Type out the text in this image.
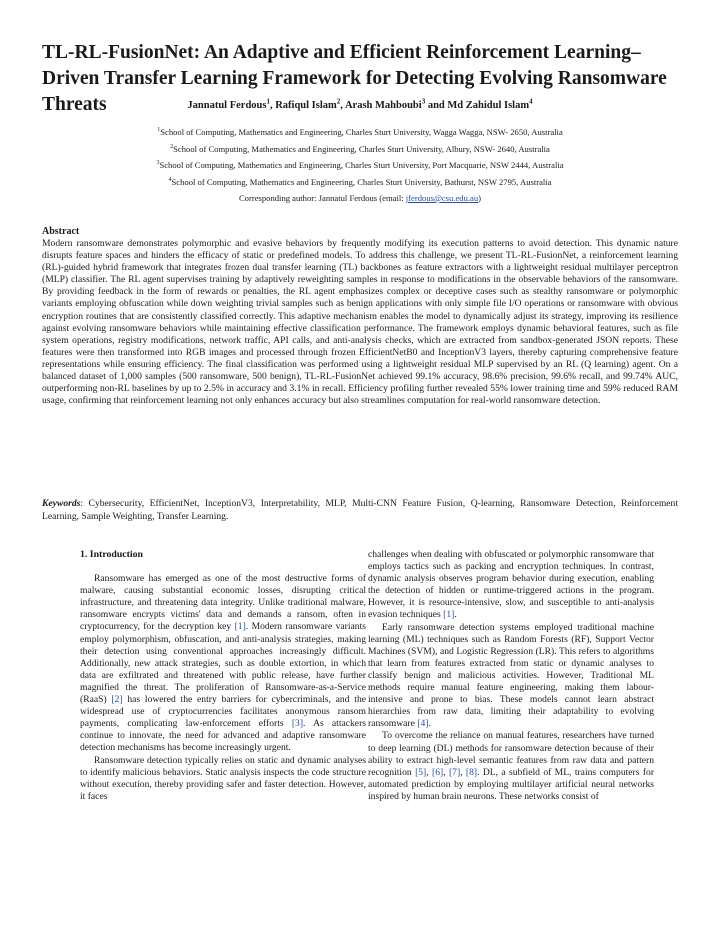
TL-RL-FusionNet: An Adaptive and Efficient Reinforcement Learning–Driven Transfer Learning Framework for Detecting Evolving Ransomware Threats	Jannatul Ferdous$^1$, Rafiqul Islam$^2$, Arash Mahboubi$^3$ and Md Zahidul Islam$^4$
$^1$School of Computing, Mathematics and Engineering, Charles Sturt University, Wagga Wagga, NSW- 2650, Australia
$^2$School of Computing, Mathematics and Engineering, Charles Sturt University, Albury, NSW- 2640, Australia
$^3$School of Computing, Mathematics and Engineering, Charles Sturt University, Port Macquarie, NSW 2444, Australia
$^4$School of Computing, Mathematics and Engineering, Charles Sturt University, Bathurst, NSW 2795, Australia
Corresponding author: Jannatul Ferdous (email: jferdous@csu.edu.au)
Abstract

Modern ransomware demonstrates polymorphic and evasive behaviors by frequently modifying its execution patterns to avoid detection. This dynamic nature disrupts feature spaces and hinders the efficacy of static or predefined models. To address this challenge, we present TL-RL-FusionNet, a reinforcement learning (RL)-guided hybrid framework that integrates frozen dual transfer learning (TL) backbones as feature extractors with a lightweight residual multilayer perceptron (MLP) classifier. The RL agent supervises training by adaptively reweighting samples in response to modifications in the observable behaviors of the ransomware. By providing feedback in the form of rewards or penalties, the RL agent emphasizes complex or deceptive cases such as stealthy ransomware or polymorphic variants employing obfuscation while down weighting trivial samples such as benign applications with only simple file I/O operations or ransomware with obvious encryption routines that are consistently classified correctly. This adaptive mechanism enables the model to dynamically adjust its strategy, improving its resilience against evolving ransomware behaviors while maintaining effective classification performance. The framework employs dynamic behavioral features, such as file system operations, registry modifications, network traffic, API calls, and anti-analysis checks, which are extracted from sandbox-generated JSON reports. These features were then transformed into RGB images and processed through frozen EfficientNetB0 and InceptionV3 layers, thereby capturing comprehensive feature representations while ensuring efficiency. The final classification was performed using a lightweight residual MLP supervised by an RL (Q learning) agent. On a balanced dataset of 1,000 samples (500 ransomware, 500 benign), TL-RL-FusionNet achieved 99.1% accuracy, 98.6% precision, 99.6% recall, and 99.74% AUC, outperforming non-RL baselines by up to 2.5% in accuracy and 3.1% in recall. Efficiency profiling further revealed 55% lower training time and 59% reduced RAM usage, confirming that reinforcement learning not only enhances accuracy but also streamlines computation for real-world ransomware detection.

Keywords: Cybersecurity, EfficientNet, InceptionV3, Interpretability, MLP, Multi-CNN Feature Fusion, Q-learning, Ransomware Detection, Reinforcement Learning, Sample Weighting, Transfer Learning.

1. Introduction

Ransomware has emerged as one of the most destructive forms of malware, causing substantial economic losses, disrupting critical infrastructure, and threatening data integrity. Unlike traditional malware, ransomware encrypts victims' data and demands a ransom, often in cryptocurrency, for the decryption key [1]. Modern ransomware variants employ polymorphism, obfuscation, and anti-analysis strategies, making their detection using conventional approaches increasingly difficult. Additionally, new attack strategies, such as double extortion, in which data are exfiltrated and threatened with public release, have further magnified the threat. The proliferation of Ransomware-as-a-Service (RaaS) [2] has lowered the entry barriers for cybercriminals, and the widespread use of cryptocurrencies facilitates anonymous ransom payments, complicating law-enforcement efforts [3]. As attackers continue to innovate, the need for advanced and adaptive ransomware detection mechanisms has become increasingly urgent.

Ransomware detection typically relies on static and dynamic analyses to identify malicious behaviors. Static analysis inspects the code structure without execution, thereby providing safer and faster detection. However, it faces

challenges when dealing with obfuscated or polymorphic ransomware that employs tactics such as packing and encryption techniques. In contrast, dynamic analysis observes program behavior during execution, enabling the detection of hidden or runtime-triggered actions in the program. However, it is resource-intensive, slow, and susceptible to anti-analysis evasion techniques [1].

Early ransomware detection systems employed traditional machine learning (ML) techniques such as Random Forests (RF), Support Vector Machines (SVM), and Logistic Regression (LR). This refers to algorithms that learn from features extracted from static or dynamic analyses to classify benign and malicious activities. However, Traditional ML methods require manual feature engineering, making them labour-intensive and prone to bias. These models cannot learn abstract hierarchies from raw data, limiting their adaptability to evolving ransomware [4].

To overcome the reliance on manual features, researchers have turned to deep learning (DL) methods for ransomware detection because of their ability to extract high-level semantic features from raw data and pattern recognition [5], [6], [7], [8]. DL, a subfield of ML, trains computers for automated prediction by employing multilayer artificial neural networks inspired by human brain neurons. These networks consist of
